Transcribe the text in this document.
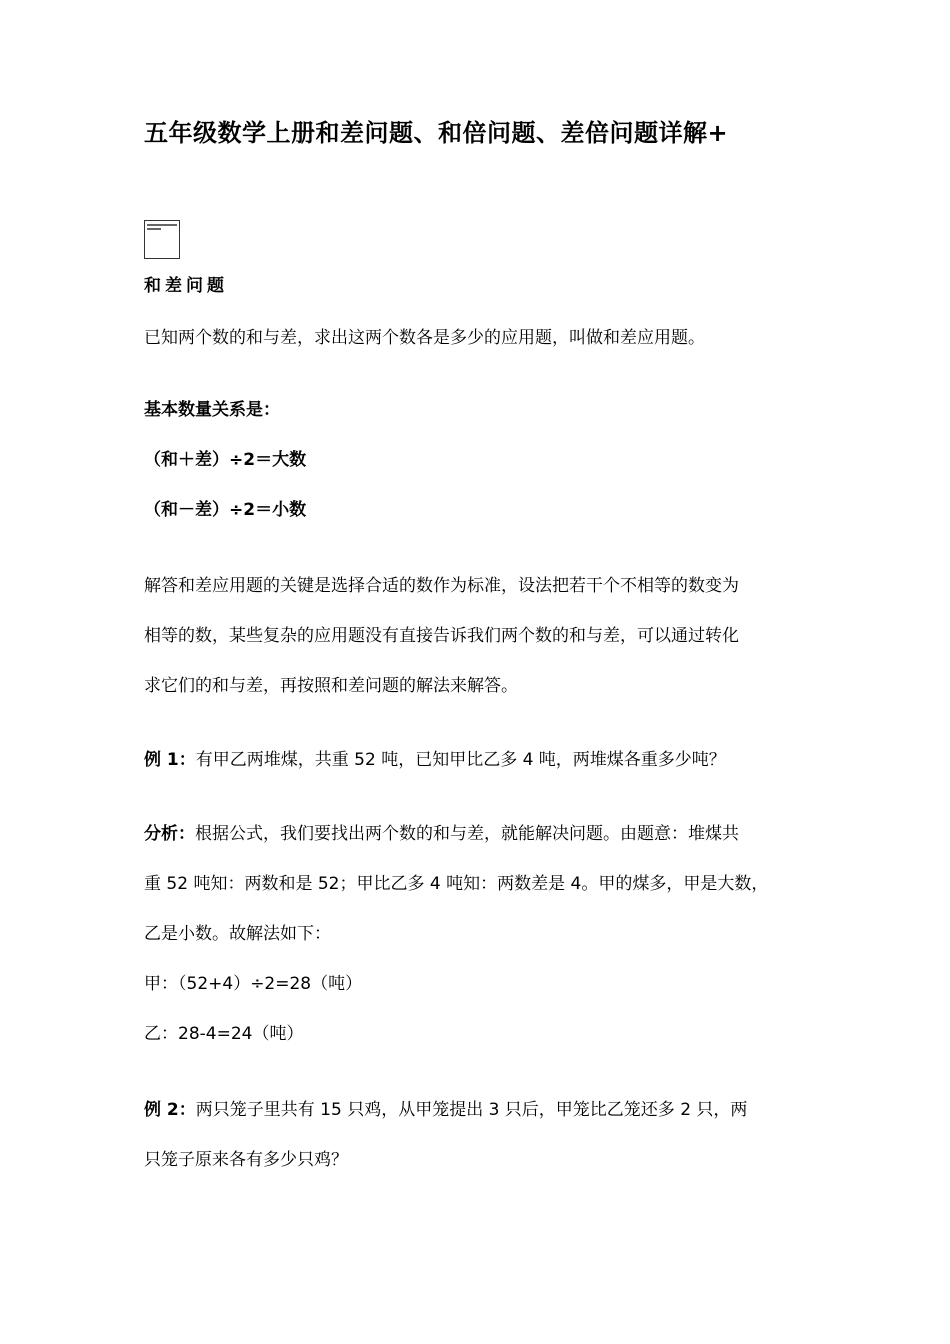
五年级数学上册和差问题、和倍问题、差倍问题详解+

和差问题

已知两个数的和与差，求出这两个数各是多少的应用题，叫做和差应用题。

基本数量关系是：

（和＋差）÷2＝大数

（和－差）÷2＝小数

解答和差应用题的关键是选择合适的数作为标准，设法把若干个不相等的数变为

相等的数，某些复杂的应用题没有直接告诉我们两个数的和与差，可以通过转化

求它们的和与差，再按照和差问题的解法来解答。

例 1：有甲乙两堆煤，共重 52 吨，已知甲比乙多 4 吨，两堆煤各重多少吨？

分析：根据公式，我们要找出两个数的和与差，就能解决问题。由题意：堆煤共

重 52 吨知：两数和是 52；甲比乙多 4 吨知：两数差是 4。甲的煤多，甲是大数，

乙是小数。故解法如下：

甲：（52+4）÷2=28（吨）

乙：28-4=24（吨）

例 2：两只笼子里共有 15 只鸡，从甲笼提出 3 只后，甲笼比乙笼还多 2 只，两

只笼子原来各有多少只鸡？
